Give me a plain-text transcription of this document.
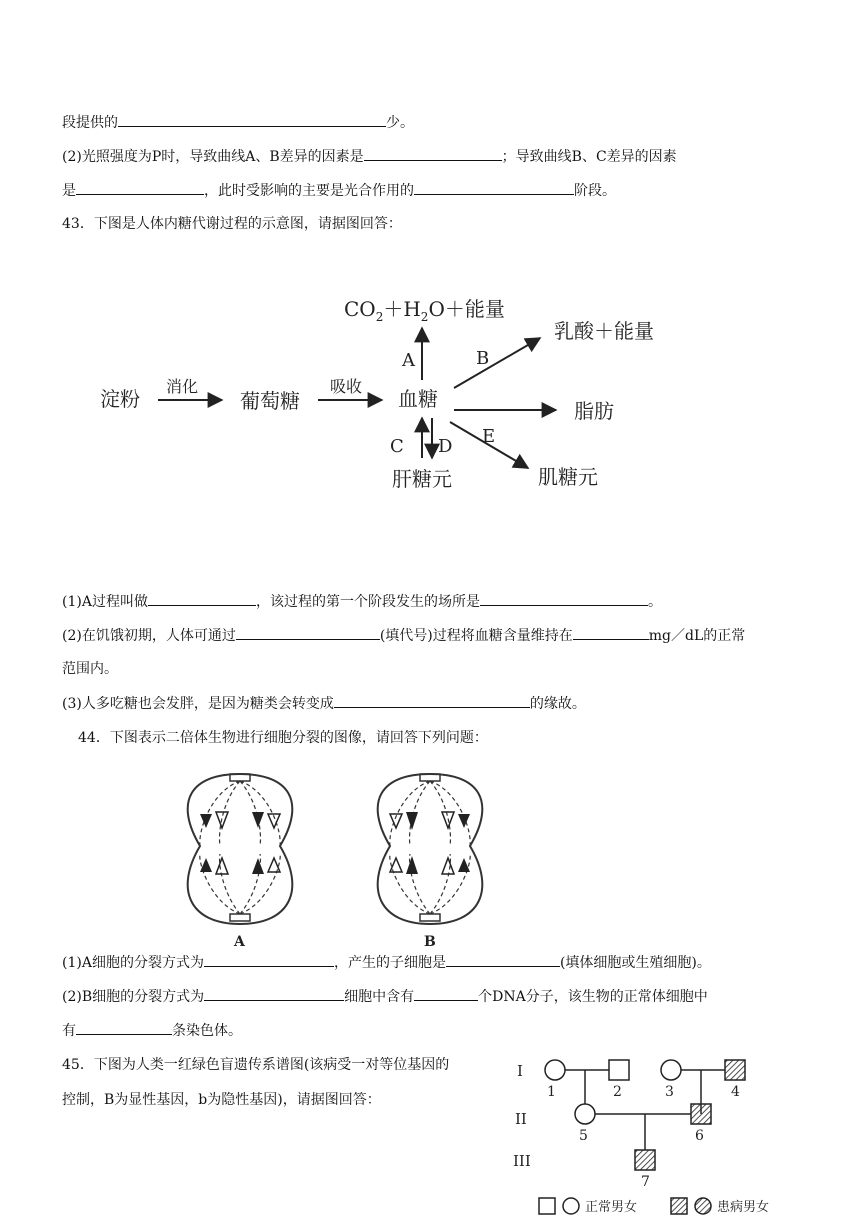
段提供的	少。
(2)光照强度为P时，导致曲线A、B差异的因素是	；导致曲线B、C差异的因素
是	，此时受影响的主要是光合作用的	阶段。
43．下图是人体内糖代谢过程的示意图，请据图回答：
淀粉
消化
葡萄糖
吸收
血糖
A
$CO_2+H_2O+$能量
B
乳酸＋能量
脂肪
C D
肝糖元
E
肌糖元
(1)A过程叫做	，该过程的第一个阶段发生的场所是	。
(2)在饥饿初期，人体可通过	(填代号)过程将血糖含量维持在	mg／dL的正常
范围内。
(3)人多吃糖也会发胖，是因为糖类会转变成	的缘故。
44．下图表示二倍体生物进行细胞分裂的图像，请回答下列问题：
A	B
(1)A细胞的分裂方式为	，产生的子细胞是	(填体细胞或生殖细胞)。
(2)B细胞的分裂方式为	细胞中含有	个DNA分子，该生物的正常体细胞中
有	条染色体。
45．下图为人类一红绿色盲遗传系谱图(该病受一对等位基因的
控制，B为显性基因，b为隐性基因)，请据图回答：
I
II
III
1	2	3	4
5	6
7
正常男女	患病男女
